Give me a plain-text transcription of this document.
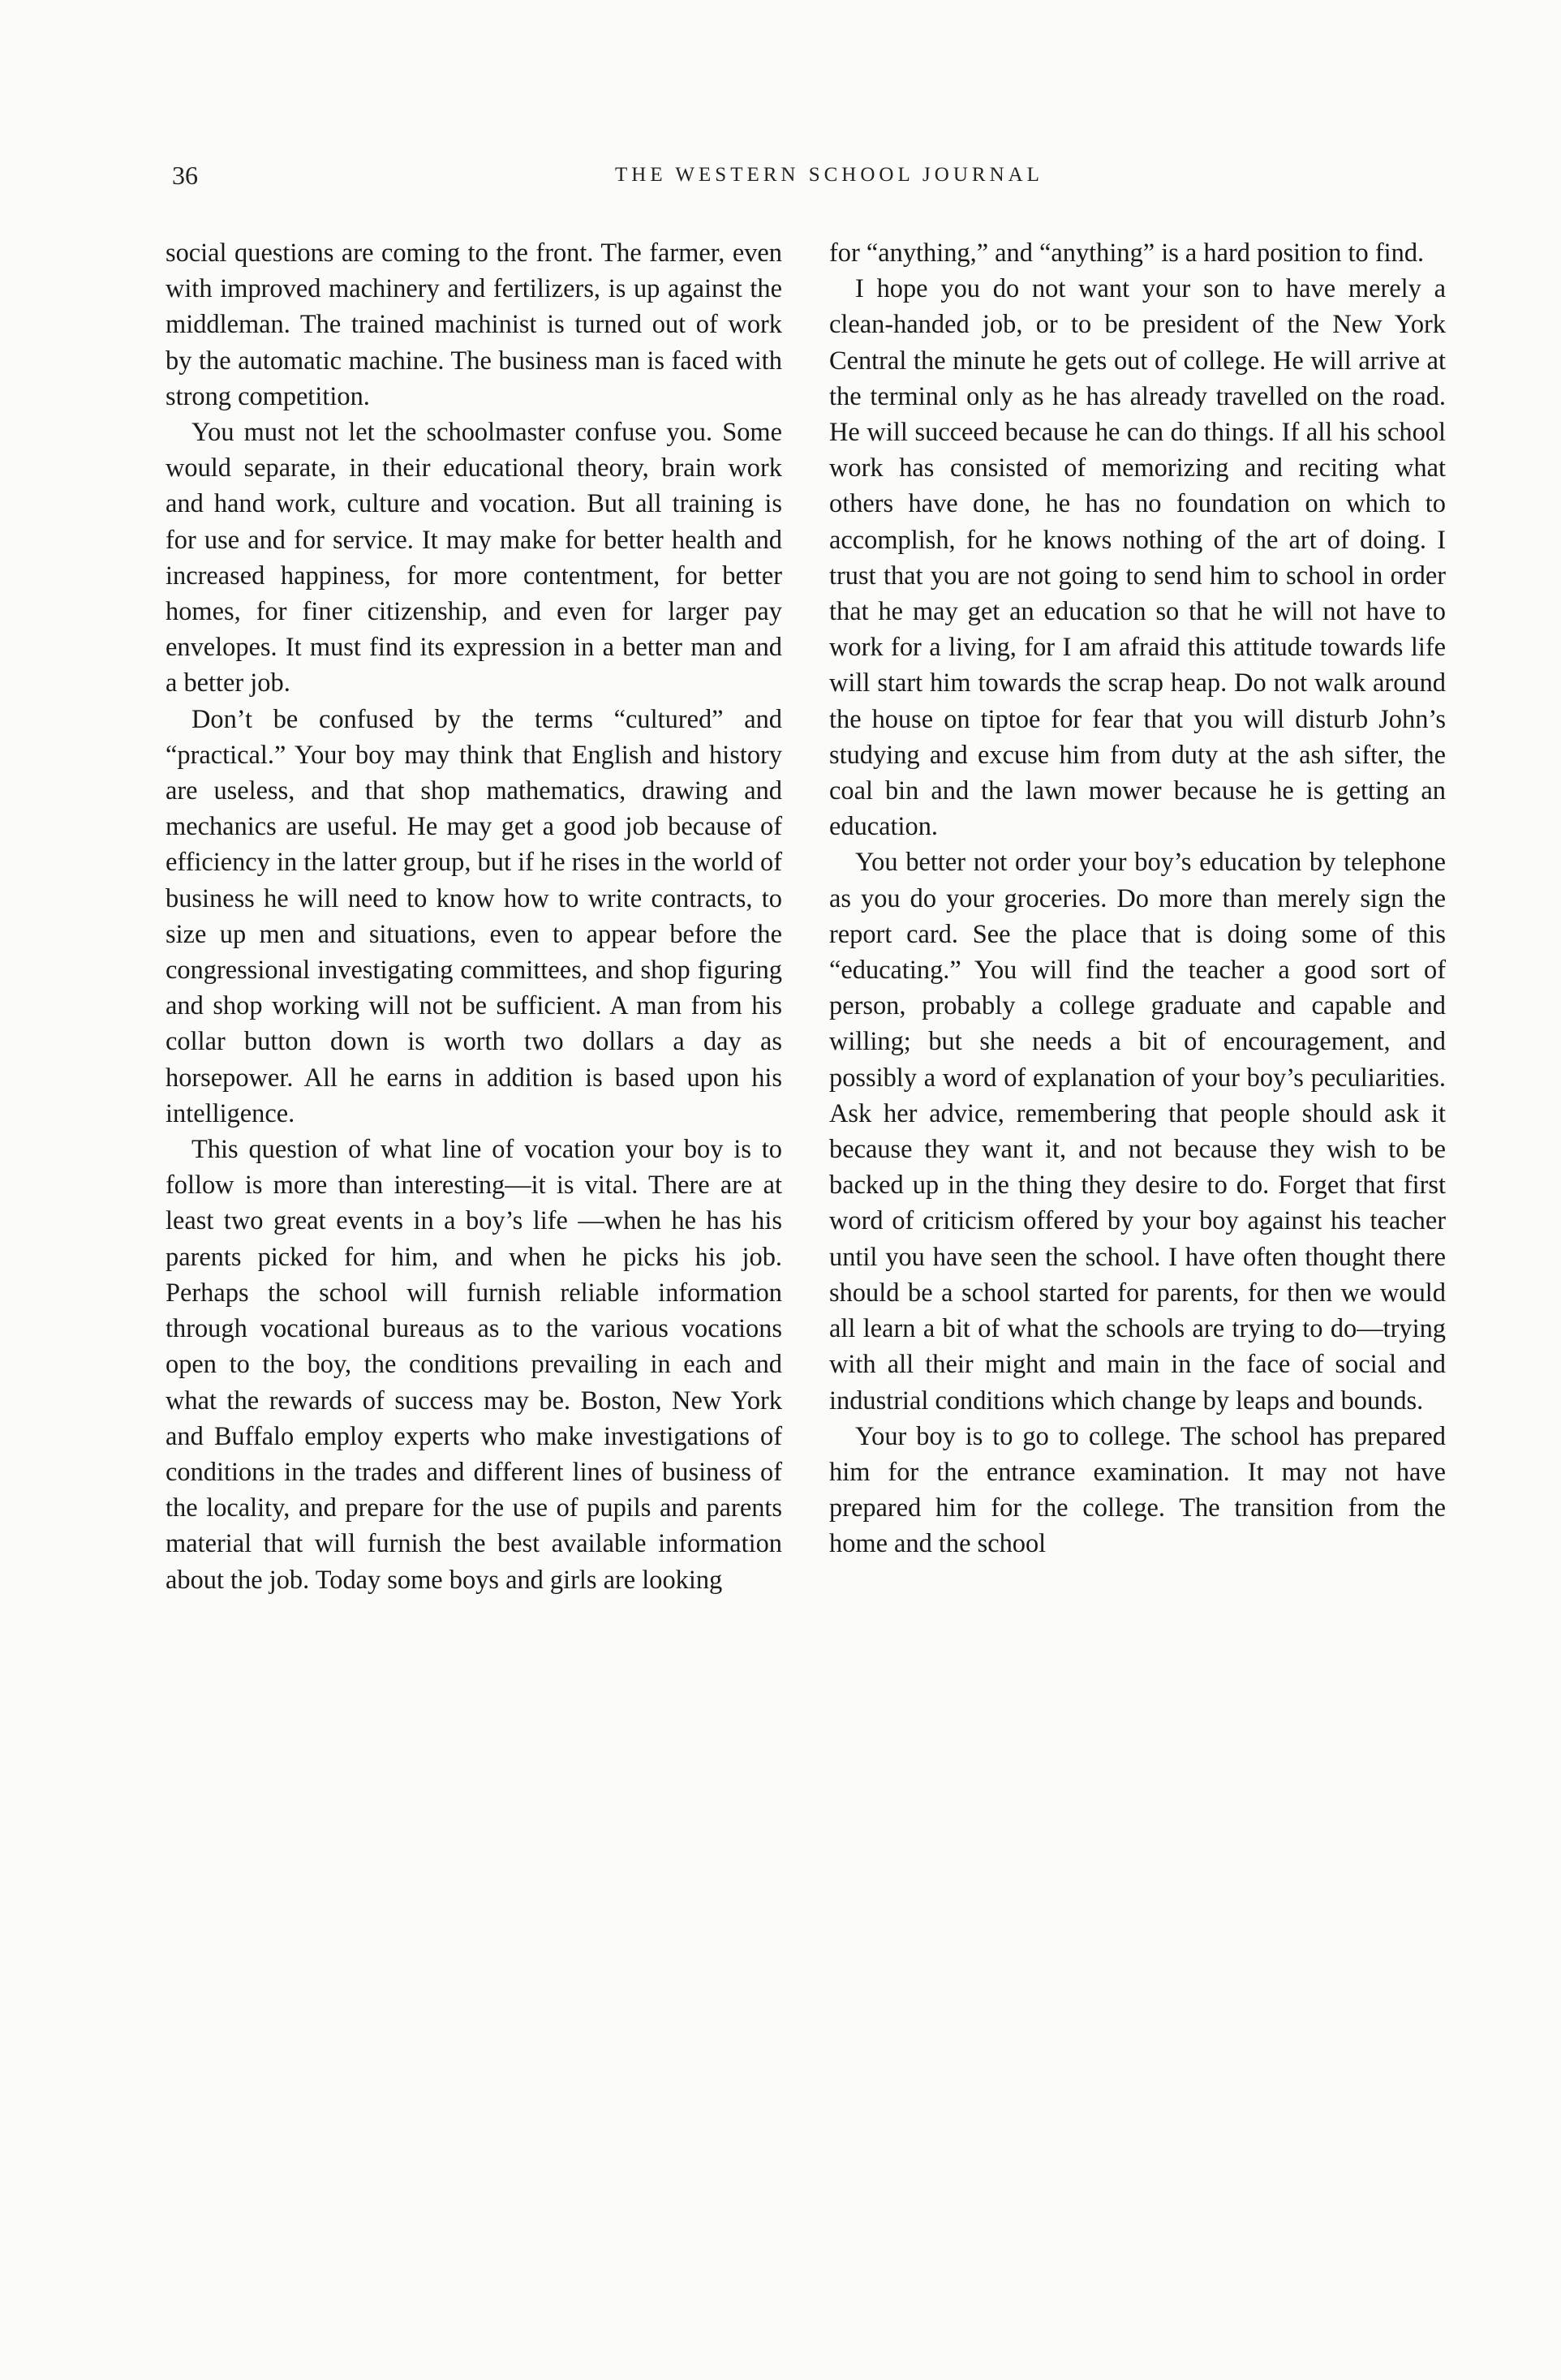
36	THE WESTERN SCHOOL JOURNAL

social questions are coming to the front. The farmer, even with improved machinery and fertilizers, is up against the middleman. The trained machinist is turned out of work by the automatic machine. The business man is faced with strong competition.

You must not let the schoolmaster confuse you. Some would separate, in their educational theory, brain work and hand work, culture and vocation. But all training is for use and for service. It may make for better health and increased happiness, for more contentment, for better homes, for finer citizenship, and even for larger pay envelopes. It must find its expression in a better man and a better job.

Don’t be confused by the terms “cultured” and “practical.” Your boy may think that English and history are useless, and that shop mathematics, drawing and mechanics are useful. He may get a good job because of efficiency in the latter group, but if he rises in the world of business he will need to know how to write contracts, to size up men and situations, even to appear before the congressional investigating committees, and shop figuring and shop working will not be sufficient. A man from his collar button down is worth two dollars a day as horsepower. All he earns in addition is based upon his intelligence.

This question of what line of vocation your boy is to follow is more than interesting—it is vital. There are at least two great events in a boy’s life —when he has his parents picked for him, and when he picks his job. Perhaps the school will furnish reliable information through vocational bureaus as to the various vocations open to the boy, the conditions prevailing in each and what the rewards of success may be. Boston, New York and Buffalo employ experts who make investigations of conditions in the trades and different lines of business of the locality, and prepare for the use of pupils and parents material that will furnish the best available information about the job. Today some boys and girls are looking

for “anything,” and “anything” is a hard position to find.

I hope you do not want your son to have merely a clean-handed job, or to be president of the New York Central the minute he gets out of college. He will arrive at the terminal only as he has already travelled on the road. He will succeed because he can do things. If all his school work has consisted of memorizing and reciting what others have done, he has no foundation on which to accomplish, for he knows nothing of the art of doing. I trust that you are not going to send him to school in order that he may get an education so that he will not have to work for a living, for I am afraid this attitude towards life will start him towards the scrap heap. Do not walk around the house on tiptoe for fear that you will disturb John’s studying and excuse him from duty at the ash sifter, the coal bin and the lawn mower because he is getting an education.

You better not order your boy’s education by telephone as you do your groceries. Do more than merely sign the report card. See the place that is doing some of this “educating.” You will find the teacher a good sort of person, probably a college graduate and capable and willing; but she needs a bit of encouragement, and possibly a word of explanation of your boy’s peculiarities. Ask her advice, remembering that people should ask it because they want it, and not because they wish to be backed up in the thing they desire to do. Forget that first word of criticism offered by your boy against his teacher until you have seen the school. I have often thought there should be a school started for parents, for then we would all learn a bit of what the schools are trying to do—trying with all their might and main in the face of social and industrial conditions which change by leaps and bounds.

Your boy is to go to college. The school has prepared him for the entrance examination. It may not have prepared him for the college. The transition from the home and the school
